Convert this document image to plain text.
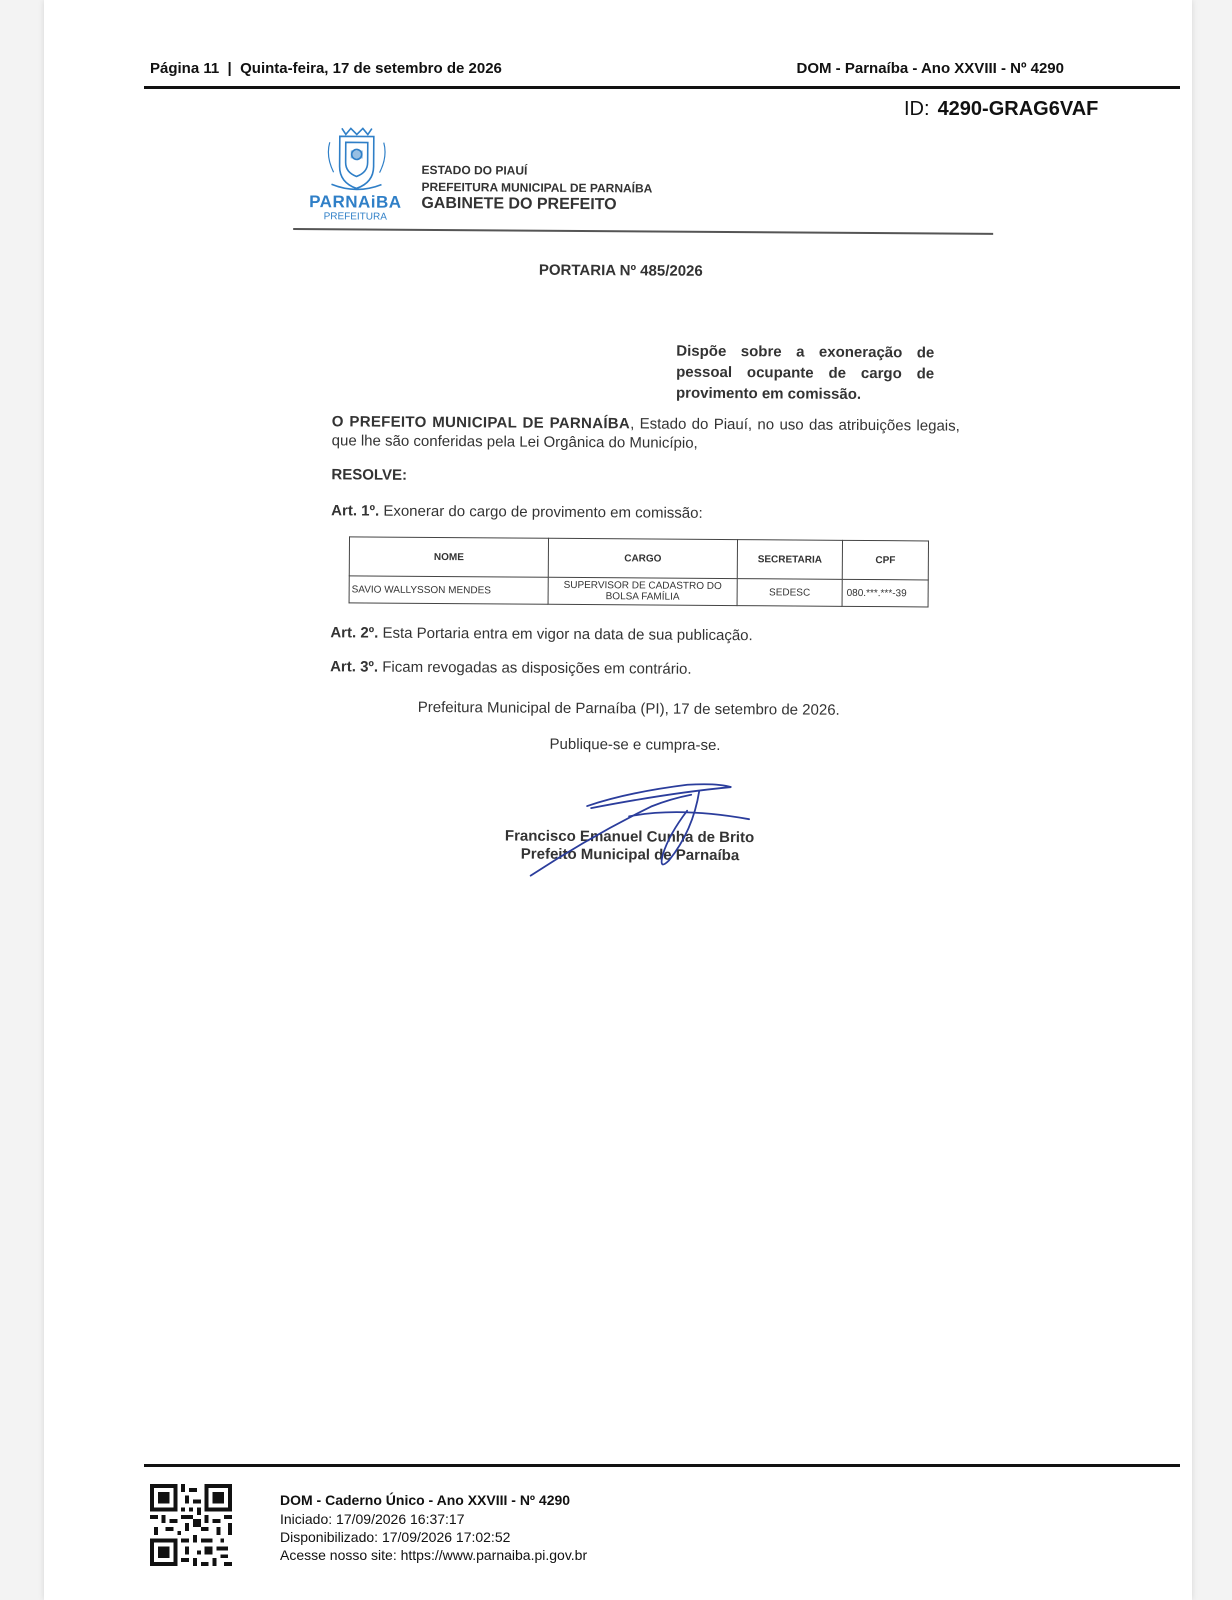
Página 11  |  Quinta-feira, 17 de setembro de 2026	DOM - Parnaíba - Ano XXVIII - Nº 4290
ID: 4290-GRAG6VAF
PARNAiBA
PREFEITURA
ESTADO DO PIAUÍ
PREFEITURA MUNICIPAL DE PARNAÍBA
GABINETE DO PREFEITO
PORTARIA Nº 485/2026
Dispõe sobre a exoneração de pessoal ocupante de cargo de provimento em comissão.
O PREFEITO MUNICIPAL DE PARNAÍBA, Estado do Piauí, no uso das atribuições legais, que lhe são conferidas pela Lei Orgânica do Município,
RESOLVE:
Art. 1º. Exonerar do cargo de provimento em comissão:
NOME	CARGO	SECRETARIA	CPF
SAVIO WALLYSSON MENDES	SUPERVISOR DE CADASTRO DO BOLSA FAMÍLIA	SEDESC	080.***.***-39
Art. 2º. Esta Portaria entra em vigor na data de sua publicação.
Art. 3º. Ficam revogadas as disposições em contrário.
Prefeitura Municipal de Parnaíba (PI), 17 de setembro de 2026.
Publique-se e cumpra-se.
Francisco Emanuel Cunha de Brito
Prefeito Municipal de Parnaíba
DOM - Caderno Único - Ano XXVIII - Nº 4290
Iniciado: 17/09/2026 16:37:17
Disponibilizado: 17/09/2026 17:02:52
Acesse nosso site: https://www.parnaiba.pi.gov.br
